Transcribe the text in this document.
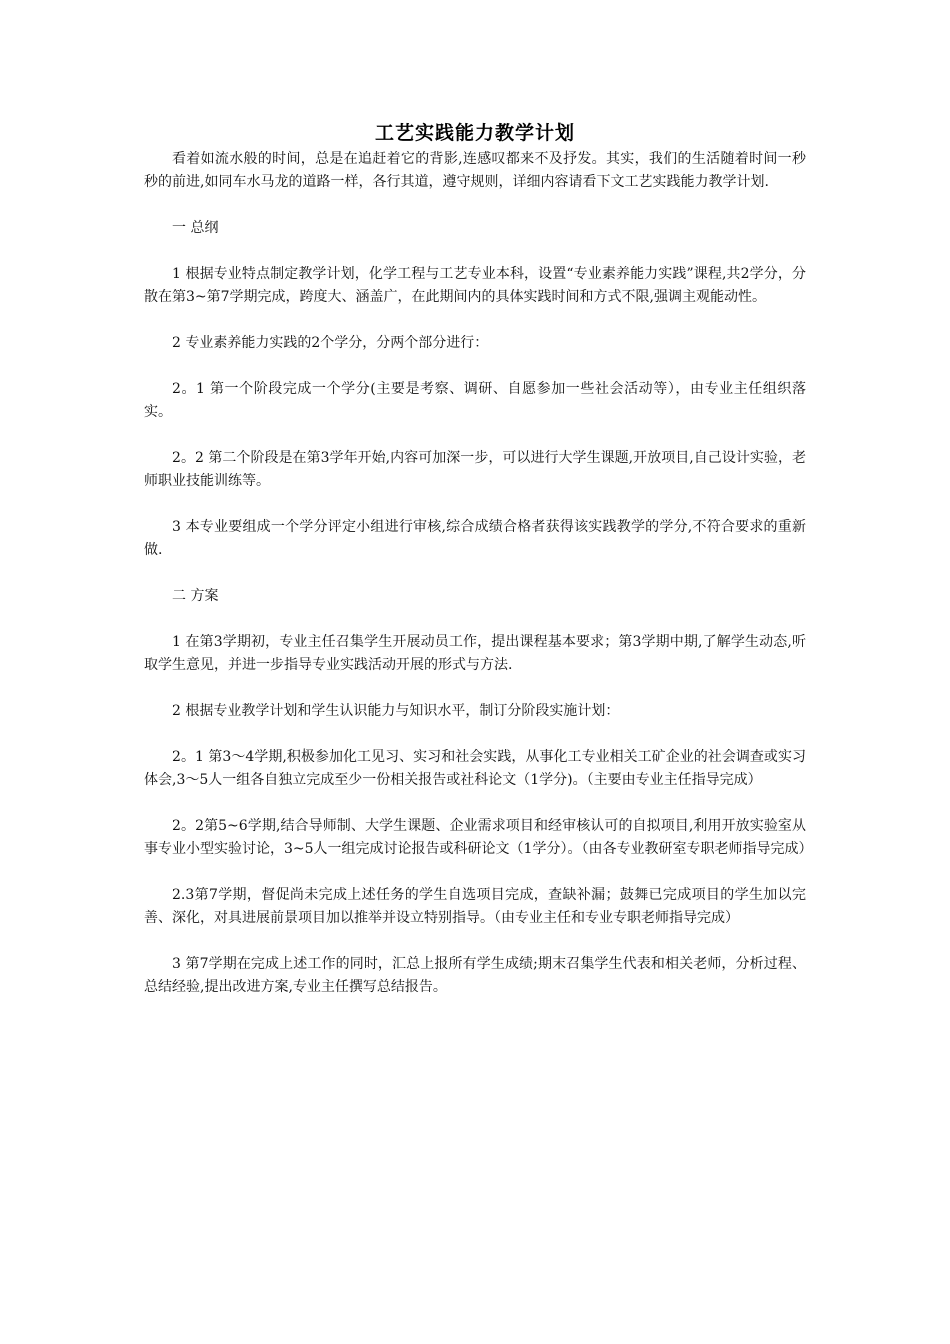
工艺实践能力教学计划

看着如流水般的时间，总是在追赶着它的背影,连感叹都来不及抒发。其实，我们的生活随着时间一秒秒的前进,如同车水马龙的道路一样，各行其道，遵守规则，详细内容请看下文工艺实践能力教学计划.

一 总纲

1 根据专业特点制定教学计划，化学工程与工艺专业本科，设置“专业素养能力实践”课程,共2学分，分散在第3~第7学期完成，跨度大、涵盖广，在此期间内的具体实践时间和方式不限,强调主观能动性。

2 专业素养能力实践的2个学分，分两个部分进行：

2。1 第一个阶段完成一个学分(主要是考察、调研、自愿参加一些社会活动等），由专业主任组织落实。

2。2 第二个阶段是在第3学年开始,内容可加深一步，可以进行大学生课题,开放项目,自己设计实验，老师职业技能训练等。

3 本专业要组成一个学分评定小组进行审核,综合成绩合格者获得该实践教学的学分,不符合要求的重新做.

二 方案

1 在第3学期初，专业主任召集学生开展动员工作，提出课程基本要求；第3学期中期,了解学生动态,听取学生意见，并进一步指导专业实践活动开展的形式与方法.

2 根据专业教学计划和学生认识能力与知识水平，制订分阶段实施计划：

2。1 第3～4学期,积极参加化工见习、实习和社会实践，从事化工专业相关工矿企业的社会调查或实习体会,3～5人一组各自独立完成至少一份相关报告或社科论文（1学分)。（主要由专业主任指导完成）

2。2第5~6学期,结合导师制、大学生课题、企业需求项目和经审核认可的自拟项目,利用开放实验室从事专业小型实验讨论，3~5人一组完成讨论报告或科研论文（1学分）。（由各专业教研室专职老师指导完成）

2.3第7学期，督促尚未完成上述任务的学生自选项目完成，查缺补漏；鼓舞已完成项目的学生加以完善、深化，对具进展前景项目加以推举并设立特别指导。（由专业主任和专业专职老师指导完成）

3 第7学期在完成上述工作的同时，汇总上报所有学生成绩;期末召集学生代表和相关老师，分析过程、总结经验,提出改进方案,专业主任撰写总结报告。
